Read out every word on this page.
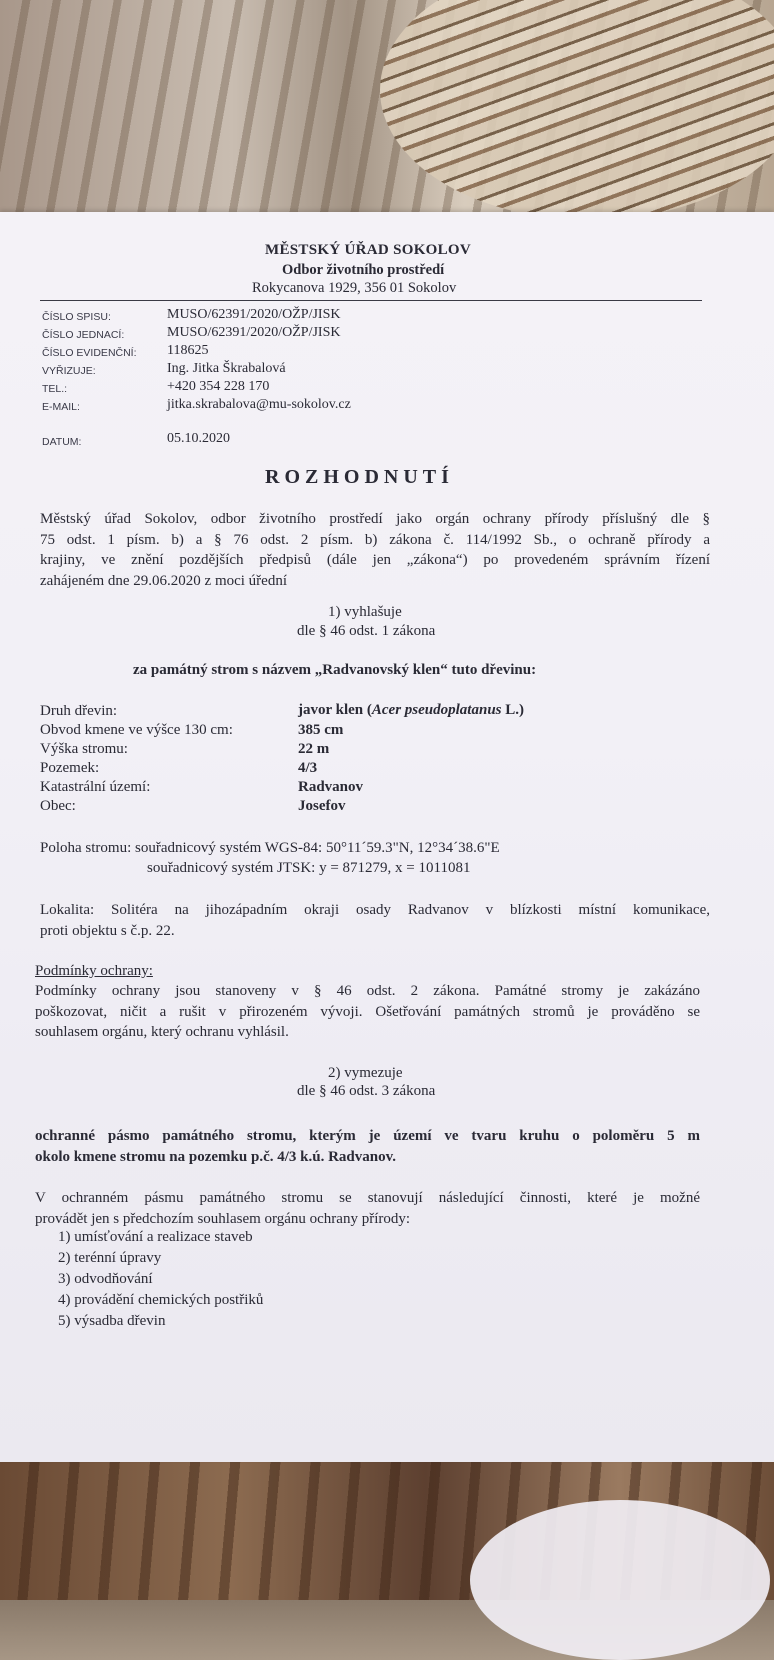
MĚSTSKÝ ÚŘAD SOKOLOV
Odbor životního prostředí
Rokycanova 1929, 356 01 Sokolov
ČÍSLO SPISU:	MUSO/62391/2020/OŽP/JISK
ČÍSLO JEDNACÍ:	MUSO/62391/2020/OŽP/JISK
ČÍSLO EVIDENČNÍ: 118625
VYŘIZUJE:	Ing. Jitka Škrabalová
TEL.:	+420 354 228 170
E-MAIL:	jitka.skrabalova@mu-sokolov.cz
DATUM:	05.10.2020
ROZHODNUTÍ
Městský úřad Sokolov, odbor životního prostředí jako orgán ochrany přírody příslušný dle §
75 odst. 1 písm. b) a § 76 odst. 2 písm. b) zákona č. 114/1992 Sb., o ochraně přírody a
krajiny, ve znění pozdějších předpisů (dále jen „zákona“) po provedeném správním řízení
zahájeném dne 29.06.2020 z moci úřední
1) vyhlašuje
dle § 46 odst. 1 zákona
za památný strom s názvem „Radvanovský klen“ tuto dřevinu:
Druh dřevin:	javor klen (Acer pseudoplatanus L.)
Obvod kmene ve výšce 130 cm:	385 cm
Výška stromu:	22 m
Pozemek:	4/3
Katastrální území:	Radvanov
Obec:	Josefov
Poloha stromu: souřadnicový systém WGS-84: 50°11´59.3"N, 12°34´38.6"E
souřadnicový systém JTSK: y = 871279, x = 1011081
Lokalita: Solitéra na jihozápadním okraji osady Radvanov v blízkosti místní komunikace,
proti objektu s č.p. 22.
Podmínky ochrany:
Podmínky ochrany jsou stanoveny v § 46 odst. 2 zákona. Památné stromy je zakázáno
poškozovat, ničit a rušit v přirozeném vývoji. Ošetřování památných stromů je prováděno se
souhlasem orgánu, který ochranu vyhlásil.
2) vymezuje
dle § 46 odst. 3 zákona
ochranné pásmo památného stromu, kterým je území ve tvaru kruhu o poloměru 5 m
okolo kmene stromu na pozemku p.č. 4/3 k.ú. Radvanov.
V ochranném pásmu památného stromu se stanovují následující činnosti, které je možné
provádět jen s předchozím souhlasem orgánu ochrany přírody:
1) umísťování a realizace staveb
2) terénní úpravy
3) odvodňování
4) provádění chemických postřiků
5) výsadba dřevin
